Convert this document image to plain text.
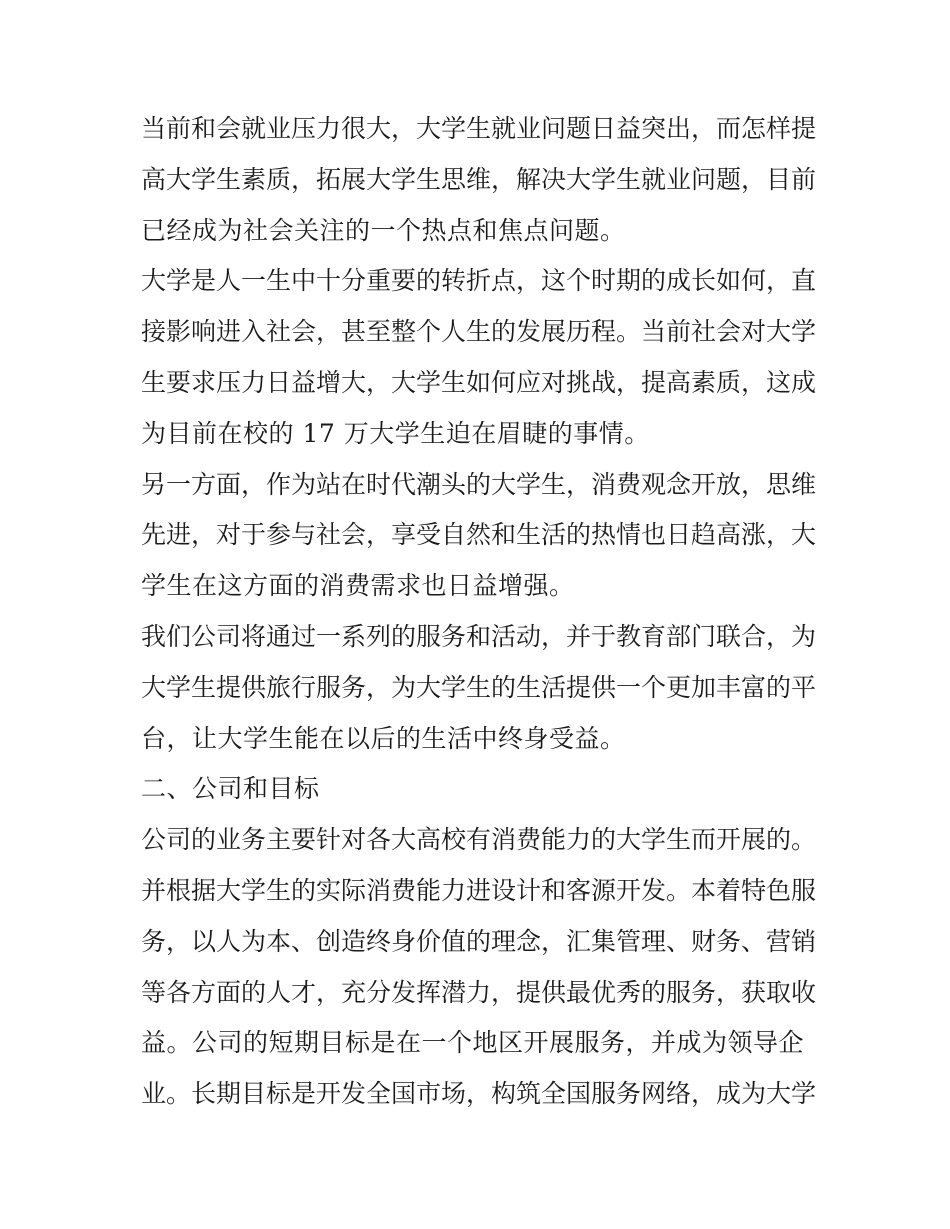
当前和会就业压力很大，大学生就业问题日益突出，而怎样提
高大学生素质，拓展大学生思维，解决大学生就业问题，目前
已经成为社会关注的一个热点和焦点问题。
大学是人一生中十分重要的转折点，这个时期的成长如何，直
接影响进入社会，甚至整个人生的发展历程。当前社会对大学
生要求压力日益增大，大学生如何应对挑战，提高素质，这成
为目前在校的 17 万大学生迫在眉睫的事情。
另一方面，作为站在时代潮头的大学生，消费观念开放，思维
先进，对于参与社会，享受自然和生活的热情也日趋高涨，大
学生在这方面的消费需求也日益增强。
我们公司将通过一系列的服务和活动，并于教育部门联合，为
大学生提供旅行服务，为大学生的生活提供一个更加丰富的平
台，让大学生能在以后的生活中终身受益。
二、公司和目标
公司的业务主要针对各大高校有消费能力的大学生而开展的。
并根据大学生的实际消费能力进设计和客源开发。本着特色服
务，以人为本、创造终身价值的理念，汇集管理、财务、营销
等各方面的人才，充分发挥潜力，提供最优秀的服务，获取收
益。公司的短期目标是在一个地区开展服务，并成为领导企
业。长期目标是开发全国市场，构筑全国服务网络，成为大学
